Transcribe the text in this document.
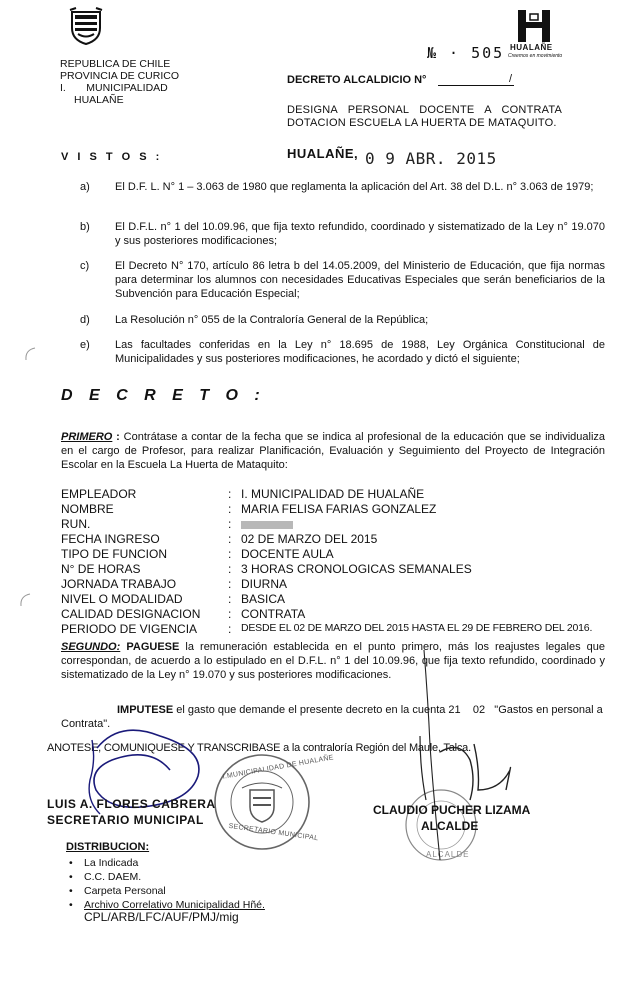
REPUBLICA DE CHILE
PROVINCIA DE CURICO
I.       MUNICIPALIDAD
HUALAÑE
HUALAÑE
Creemos en movimiento
№ · 505
DECRETO ALCALDICIO N°	/
DESIGNA PERSONAL DOCENTE A CONTRATA DOTACION ESCUELA LA HUERTA DE MATAQUITO.
HUALAÑE, 0 9 ABR. 2015
V I S T O S :
a)	El D.F. L. N° 1 – 3.063 de 1980 que reglamenta la aplicación del Art. 38 del D.L. n° 3.063 de 1979;
b)	El D.F.L. n° 1 del 10.09.96, que fija texto refundido, coordinado y sistematizado de la Ley n° 19.070 y sus posteriores modificaciones;
c)	El Decreto N° 170, artículo 86 letra b del 14.05.2009, del Ministerio de Educación, que fija normas para determinar los alumnos con necesidades Educativas Especiales que serán beneficiarios de la Subvención para Educación Especial;
d)	La Resolución n° 055 de la Contraloría General de la República;
e)	Las facultades conferidas en la Ley n° 18.695 de 1988, Ley Orgánica Constitucional de Municipalidades y sus posteriores modificaciones, he acordado y dictó el siguiente;
D E C R E T O :
PRIMERO : Contrátase a contar de la fecha que se indica al profesional de la educación que se individualiza en el cargo de Profesor, para realizar Planificación, Evaluación y Seguimiento del Proyecto de Integración Escolar en la Escuela La Huerta de Mataquito:
EMPLEADOR	: I. MUNICIPALIDAD DE HUALAÑE
NOMBRE	: MARIA FELISA FARIAS GONZALEZ
RUN.	:
FECHA INGRESO	: 02 DE MARZO DEL 2015
TIPO DE FUNCION	: DOCENTE AULA
N° DE HORAS	: 3 HORAS CRONOLOGICAS SEMANALES
JORNADA TRABAJO	: DIURNA
NIVEL O MODALIDAD	: BASICA
CALIDAD DESIGNACION : CONTRATA
PERIODO DE VIGENCIA	: DESDE EL 02 DE MARZO DEL 2015 HASTA EL 29 DE FEBRERO DEL 2016.
SEGUNDO: PAGUESE la remuneración establecida en el punto primero, más los reajustes legales que correspondan, de acuerdo a lo estipulado en el D.F.L. n° 1 del 10.09.96, que fija texto refundido, coordinado y sistematizado de la Ley n° 19.070 y sus posteriores modificaciones.
IMPUTESE el gasto que demande el presente decreto en la cuenta 21    02   "Gastos en personal a Contrata".
ANOTESE, COMUNIQUESE Y TRANSCRIBASE a la contraloría Región del Maule, Talca.
I.MUNICIPALIDAD DE HUALAÑE
SECRETARIO MUNICIPAL
ALCALDE
LUIS A. FLORES CABRERA
SECRETARIO MUNICIPAL
CLAUDIO PUCHER LIZAMA
ALCALDE
DISTRIBUCION:
• La Indicada
• C.C. DAEM.
• Carpeta Personal
• Archivo Correlativo Municipalidad Hñé.
CPL/ARB/LFC/AUF/PMJ/mig
